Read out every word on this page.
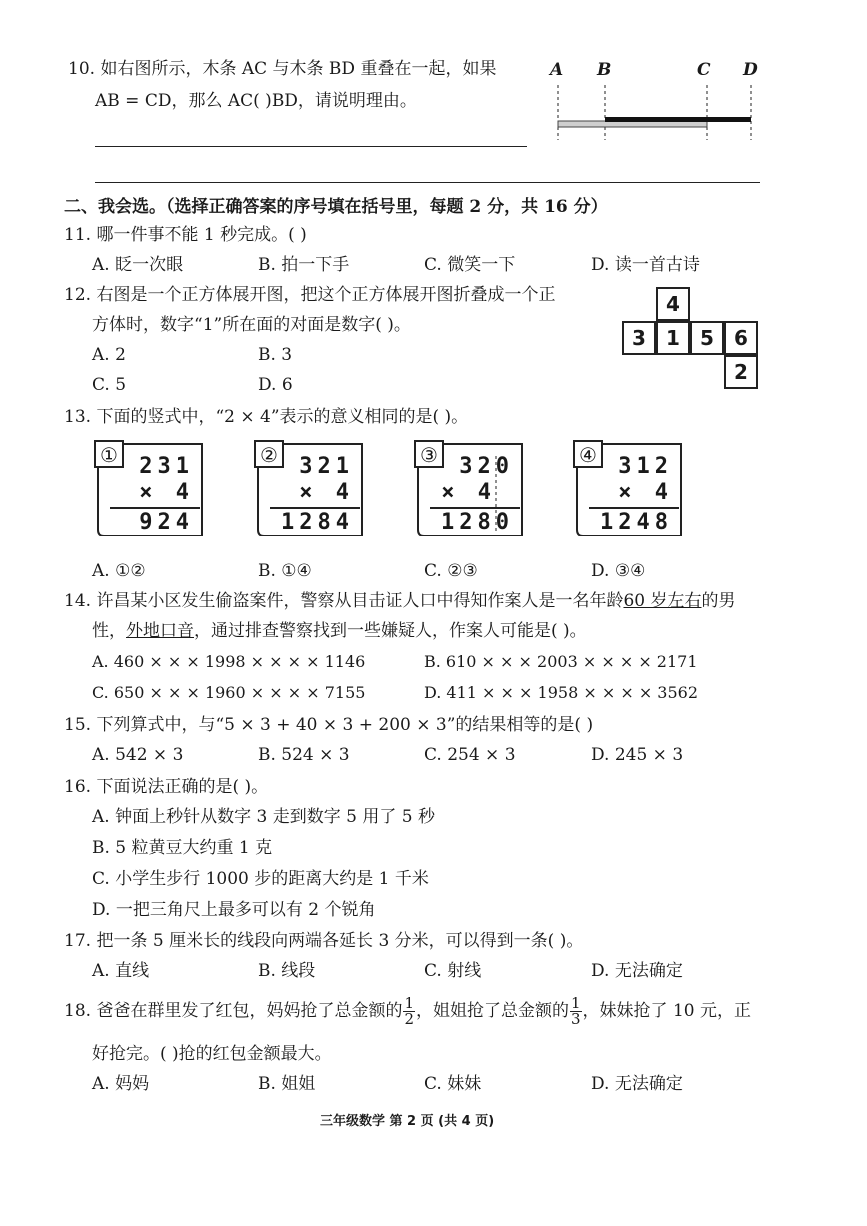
10. 如右图所示，木条 AC 与木条 BD 重叠在一起，如果
AB = CD，那么 AC( )BD，请说明理由。
A B	C D
二、我会选。（选择正确答案的序号填在括号里，每题 2 分，共 16 分）
11. 哪一件事不能 1 秒完成。( )
A. 眨一次眼	B. 拍一下手	C. 微笑一下	D. 读一首古诗
12. 右图是一个正方体展开图，把这个正方体展开图折叠成一个正
方体时，数字“1”所在面的对面是数字( )。
A. 2	B. 3
C. 5	D. 6
4
3	1	5	6
2
13. 下面的竖式中，“2 × 4”表示的意义相同的是( )。
① 231
× 4
924
② 321
× 4
1284
③ 320
× 4
1280
④ 312
× 4
1248
A. ①②	B. ①④	C. ②③	D. ③④
14. 许昌某小区发生偷盗案件，警察从目击证人口中得知作案人是一名年龄60 岁左右的男
性，外地口音，通过排查警察找到一些嫌疑人，作案人可能是( )。
A. 460 × × × 1998 × × × × 1146	B. 610 × × × 2003 × × × × 2171
C. 650 × × × 1960 × × × × 7155	D. 411 × × × 1958 × × × × 3562
15. 下列算式中，与“5 × 3 + 40 × 3 + 200 × 3”的结果相等的是( )
A. 542 × 3	B. 524 × 3	C. 254 × 3	D. 245 × 3
16. 下面说法正确的是( )。
A. 钟面上秒针从数字 3 走到数字 5 用了 5 秒
B. 5 粒黄豆大约重 1 克
C. 小学生步行 1000 步的距离大约是 1 千米
D. 一把三角尺上最多可以有 2 个锐角
17. 把一条 5 厘米长的线段向两端各延长 3 分米，可以得到一条( )。
A. 直线	B. 线段	C. 射线	D. 无法确定
18. 爸爸在群里发了红包，妈妈抢了总金额的 $\frac{1}{2}$ ，姐姐抢了总金额的 $\frac{1}{3}$ ，妹妹抢了 10 元，正
好抢完。( )抢的红包金额最大。
A. 妈妈	B. 姐姐	C. 妹妹	D. 无法确定
三年级数学 第 2 页 (共 4 页)
